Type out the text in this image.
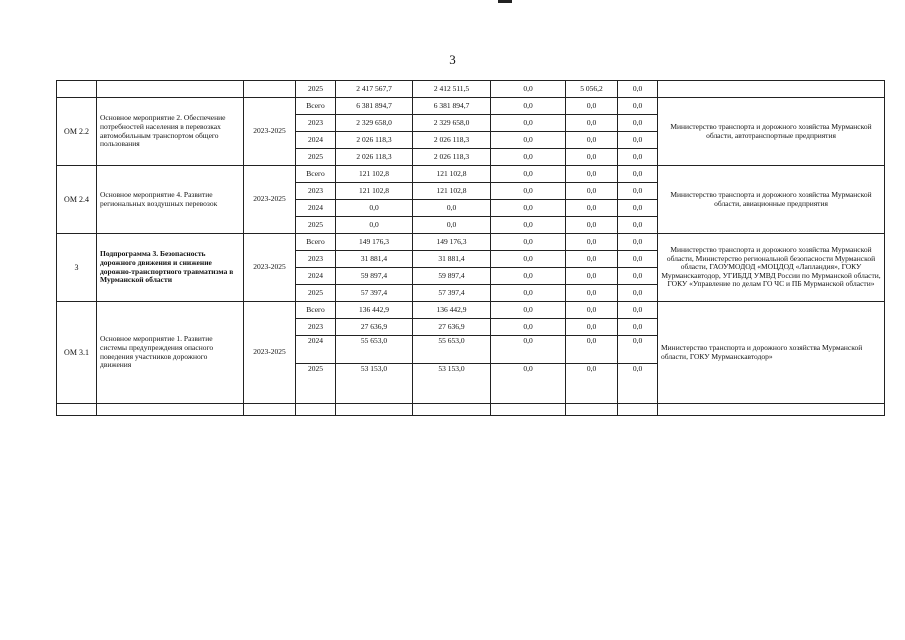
3
			2025	2 417 567,7	2 412 511,5	0,0	5 056,2	0,0	
ОМ 2.2	Основное мероприятие 2. Обеспечение потребностей населения в перевозках автомобильным транспортом общего пользования	2023-2025	Всего	6 381 894,7	6 381 894,7	0,0	0,0	0,0	Министерство транспорта и дорожного хозяйства Мурманской области, автотранспортные предприятия
			2023	2 329 658,0	2 329 658,0	0,0	0,0	0,0	
			2024	2 026 118,3	2 026 118,3	0,0	0,0	0,0	
			2025	2 026 118,3	2 026 118,3	0,0	0,0	0,0	
ОМ 2.4	Основное мероприятие 4. Развитие региональных воздушных перевозок	2023-2025	Всего	121 102,8	121 102,8	0,0	0,0	0,0	Министерство транспорта и дорожного хозяйства Мурманской области, авиационные предприятия
			2023	121 102,8	121 102,8	0,0	0,0	0,0	
			2024	0,0	0,0	0,0	0,0	0,0	
			2025	0,0	0,0	0,0	0,0	0,0	
3	Подпрограмма 3. Безопасность дорожного движения и снижение дорожно-транспортного травматизма в Мурманской области	2023-2025	Всего	149 176,3	149 176,3	0,0	0,0	0,0	Министерство транспорта и дорожного хозяйства Мурманской области, Министерство региональной безопасности Мурманской области, ГАОУМОДОД «МОЦДОД «Лапландия», ГОКУ Мурманскавтодор, УГИБДД УМВД России по Мурманской области, ГОКУ «Управление по делам ГО ЧС и ПБ Мурманской области»
			2023	31 881,4	31 881,4	0,0	0,0	0,0	
			2024	59 897,4	59 897,4	0,0	0,0	0,0	
			2025	57 397,4	57 397,4	0,0	0,0	0,0	
ОМ 3.1	Основное мероприятие 1. Развитие системы предупреждения опасного поведения участников дорожного движения	2023-2025	Всего	136 442,9	136 442,9	0,0	0,0	0,0	Министерство транспорта и дорожного хозяйства Мурманской области, ГОКУ Мурманскавтодор»
			2023	27 636,9	27 636,9	0,0	0,0	0,0	
			2024	55 653,0	55 653,0	0,0	0,0	0,0	
			2025	53 153,0	53 153,0	0,0	0,0	0,0	
